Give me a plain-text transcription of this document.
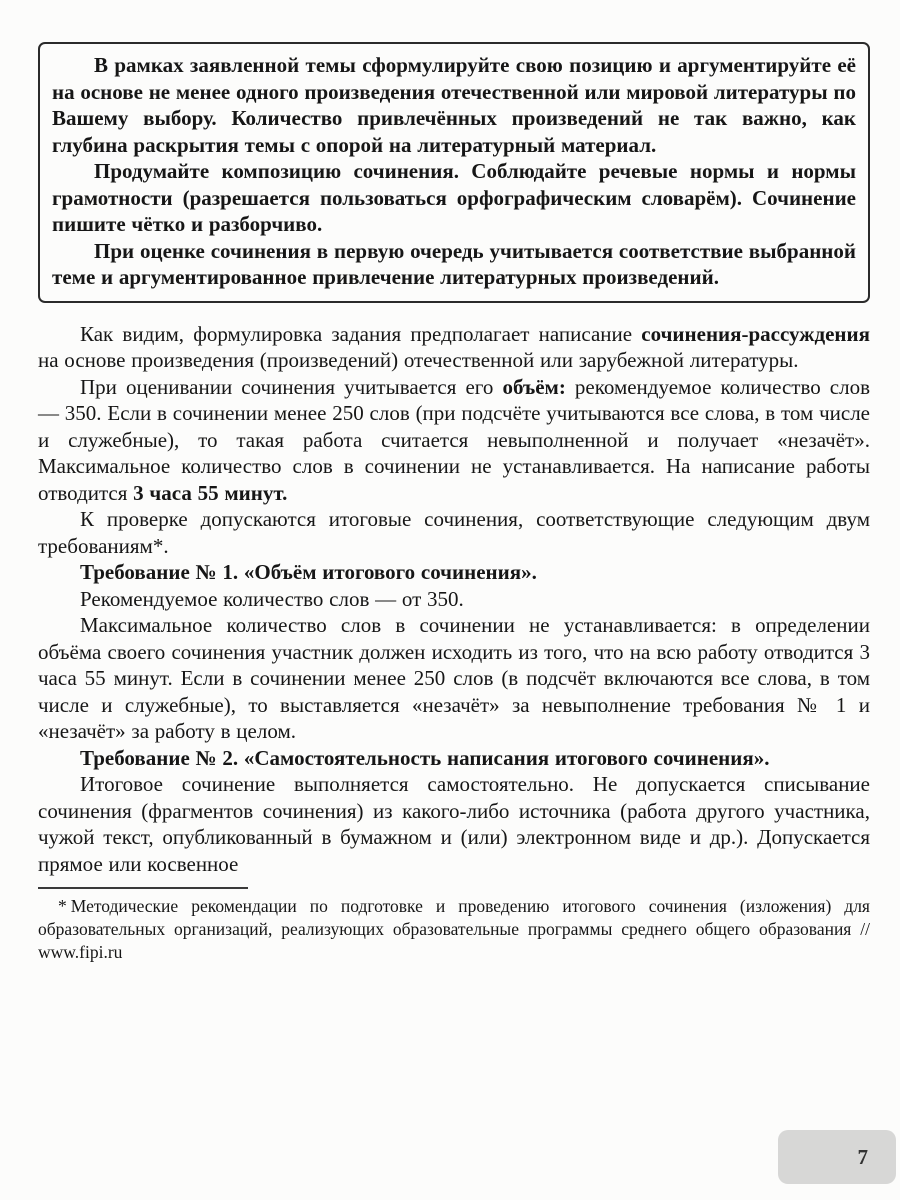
В рамках заявленной темы сформулируйте свою позицию и аргументируйте её на основе не менее одного произведения отечественной или мировой литературы по Вашему выбору. Количество привлечённых произведений не так важно, как глубина раскрытия темы с опорой на литературный материал.

Продумайте композицию сочинения. Соблюдайте речевые нормы и нормы грамотности (разрешается пользоваться орфографическим словарём). Сочинение пишите чётко и разборчиво.

При оценке сочинения в первую очередь учитывается соответствие выбранной теме и аргументированное привлечение литературных произведений.

Как видим, формулировка задания предполагает написание сочинения-рассуждения на основе произведения (произведений) отечественной или зарубежной литературы.

При оценивании сочинения учитывается его объём: рекомендуемое количество слов — 350. Если в сочинении менее 250 слов (при подсчёте учитываются все слова, в том числе и служебные), то такая работа считается невыполненной и получает «незачёт». Максимальное количество слов в сочинении не устанавливается. На написание работы отводится 3 часа 55 минут.

К проверке допускаются итоговые сочинения, соответствующие следующим двум требованиям*.

Требование № 1. «Объём итогового сочинения».

Рекомендуемое количество слов — от 350.

Максимальное количество слов в сочинении не устанавливается: в определении объёма своего сочинения участник должен исходить из того, что на всю работу отводится 3 часа 55 минут. Если в сочинении менее 250 слов (в подсчёт включаются все слова, в том числе и служебные), то выставляется «незачёт» за невыполнение требования № 1 и «незачёт» за работу в целом.

Требование № 2. «Самостоятельность написания итогового сочинения».

Итоговое сочинение выполняется самостоятельно. Не допускается списывание сочинения (фрагментов сочинения) из какого-либо источника (работа другого участника, чужой текст, опубликованный в бумажном и (или) электронном виде и др.). Допускается прямое или косвенное

* Методические рекомендации по подготовке и проведению итогового сочинения (изложения) для образовательных организаций, реализующих образовательные программы среднего общего образования // www.fipi.ru

7
